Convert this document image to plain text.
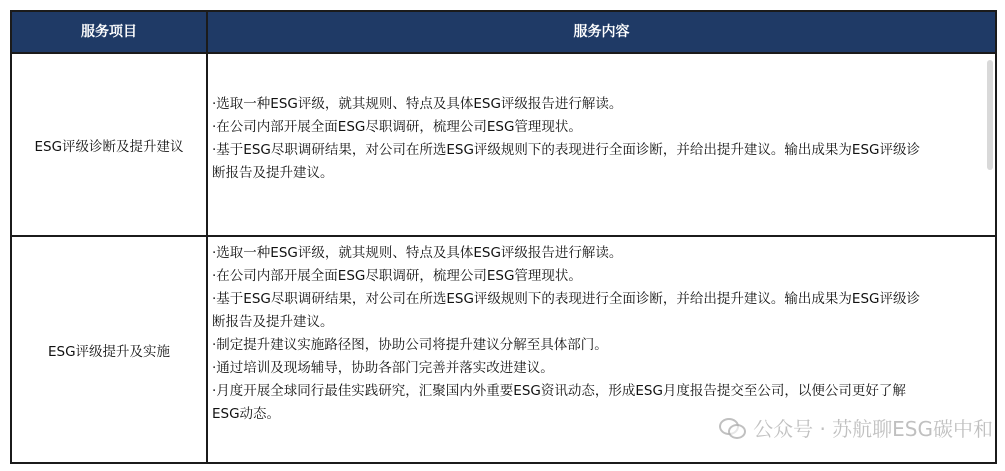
服务项目	服务内容
ESG评级诊断及提升建议
·选取一种ESG评级，就其规则、特点及具体ESG评级报告进行解读。
·在公司内部开展全面ESG尽职调研，梳理公司ESG管理现状。
·基于ESG尽职调研结果，对公司在所选ESG评级规则下的表现进行全面诊断，并给出提升建议。输出成果为ESG评级诊
断报告及提升建议。
ESG评级提升及实施
·选取一种ESG评级，就其规则、特点及具体ESG评级报告进行解读。
·在公司内部开展全面ESG尽职调研，梳理公司ESG管理现状。
·基于ESG尽职调研结果，对公司在所选ESG评级规则下的表现进行全面诊断，并给出提升建议。输出成果为ESG评级诊
断报告及提升建议。
·制定提升建议实施路径图，协助公司将提升建议分解至具体部门。
·通过培训及现场辅导，协助各部门完善并落实改进建议。
·月度开展全球同行最佳实践研究，汇聚国内外重要ESG资讯动态，形成ESG月度报告提交至公司，以便公司更好了解
ESG动态。
公众号 · 苏航聊ESG碳中和
